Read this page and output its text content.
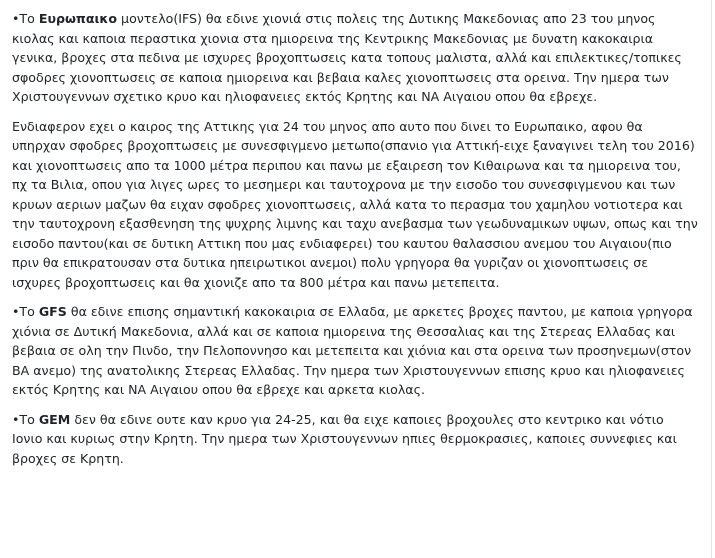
•Το Ευρωπαικο μοντελο(IFS) θα εδινε χιονιά στις πολεις της Δυτικης Μακεδονιας απο 23 του μηνος κιολας και καποια περαστικα χιονια στα ημιορεινα της Κεντρικης Μακεδονιας με δυνατη κακοκαιρια γενικα, βροχες στα πεδινα με ισχυρες βροχοπτωσεις κατα τοπους μαλιστα, αλλά και επιλεκτικες/τοπικες σφοδρες χιονοπτωσεις σε καποια ημιορεινα και βεβαια καλες χιονοπτωσεις στα ορεινα. Την ημερα των Χριστουγεννων σχετικο κρυο και ηλιοφανειες εκτός Κρητης και ΝΑ Αιγαιου οπου θα εβρεχε.

Ενδιαφερον εχει ο καιρος της Αττικης για 24 του μηνος απο αυτο που δινει το Ευρωπαικο, αφου θα υπηρχαν σφοδρες βροχοπτωσεις με συνεσφιγμενο μετωπο(σπανιο για Αττική-ειχε ξαναγινει τελη του 2016) και χιονοπτωσεις απο τα 1000 μέτρα περιπου και πανω με εξαιρεση τον Κιθαιρωνα και τα ημιορεινα του, πχ τα Βιλια, οπου για λιγες ωρες το μεσημερι και ταυτοχρονα με την εισοδο του συνεσφιγμενου και των κρυων αεριων μαζων θα ειχαν σφοδρες χιονοπτωσεις, αλλά κατα το περασμα του χαμηλου νοτιοτερα και την ταυτοχρονη εξασθενηση της ψυχρης λιμνης και ταχυ ανεβασμα των γεωδυναμικων υψων, οπως και την εισοδο παντου(και σε δυτικη Αττικη που μας ενδιαφερει) του καυτου θαλασσιου ανεμου του Αιγαιου(πιο πριν θα επικρατουσαν στα δυτικα ηπειρωτικοι ανεμοι) πολυ γρηγορα θα γυριζαν οι χιονοπτωσεις σε ισχυρες βροχοπτωσεις και θα χιονιζε απο τα 800 μέτρα και πανω μετεπειτα.

•Το GFS θα εδινε επισης σημαντική κακοκαιρια σε Ελλαδα, με αρκετες βροχες παντου, με καποια γρηγορα χιόνια σε Δυτική Μακεδονια, αλλά και σε καποια ημιορεινα της Θεσσαλιας και της Στερεας Ελλαδας και βεβαια σε ολη την Πινδο, την Πελοποννησο και μετεπειτα και χιόνια και στα ορεινα των προσηνεμων(στον ΒΑ ανεμο) της ανατολικης Στερεας Ελλαδας. Την ημερα των Χριστουγεννων επισης κρυο και ηλιοφανειες εκτός Κρητης και ΝΑ Αιγαιου οπου θα εβρεχε και αρκετα κιολας.

•Το GEM δεν θα εδινε ουτε καν κρυο για 24-25, και θα ειχε καποιες βροχουλες στο κεντρικο και νότιο Ιονιο και κυριως στην Κρητη. Την ημερα των Χριστουγεννων ηπιες θερμοκρασιες, καποιες συννεφιες και βροχες σε Κρητη.
